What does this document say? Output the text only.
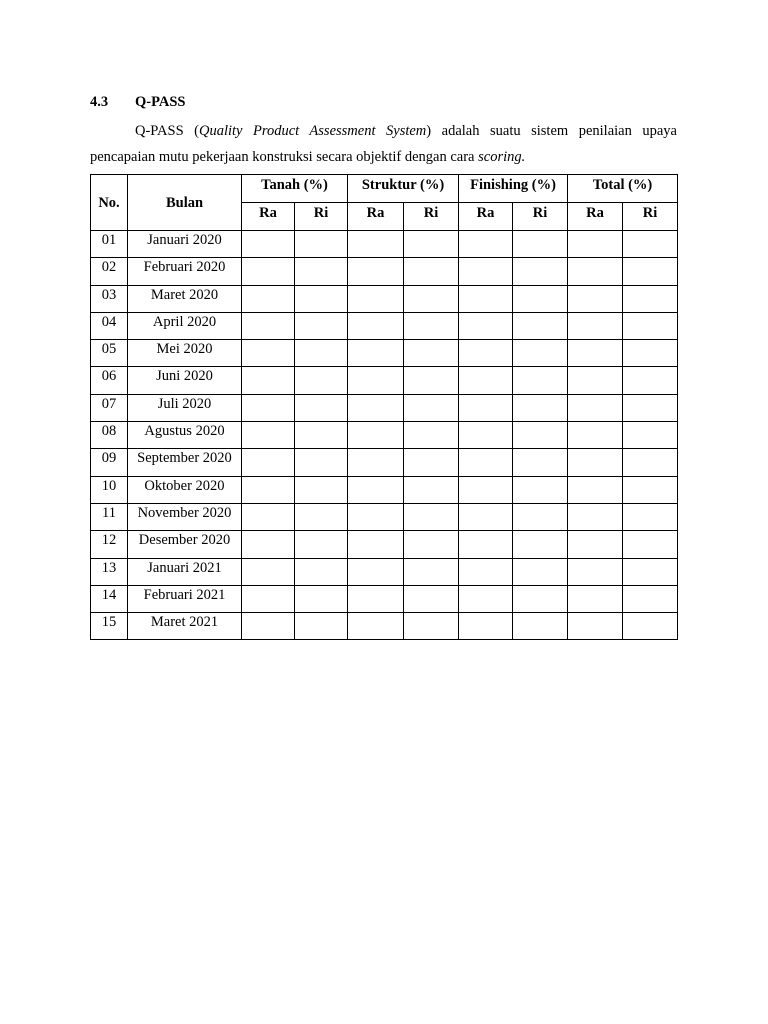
4.3 Q-PASS
Q-PASS (Quality Product Assessment System) adalah suatu sistem penilaian upaya pencapaian mutu pekerjaan konstruksi secara objektif dengan cara scoring.
No.	Bulan	Tanah (%)		Struktur (%)		Finishing (%)		Total (%)	
		Ra	Ri	Ra	Ri	Ra	Ri	Ra	Ri
01	Januari 2020								
02	Februari 2020								
03	Maret 2020								
04	April 2020								
05	Mei 2020								
06	Juni 2020								
07	Juli 2020								
08	Agustus 2020								
09	September 2020								
10	Oktober 2020								
11	November 2020								
12	Desember 2020								
13	Januari 2021								
14	Februari 2021								
15	Maret 2021								
